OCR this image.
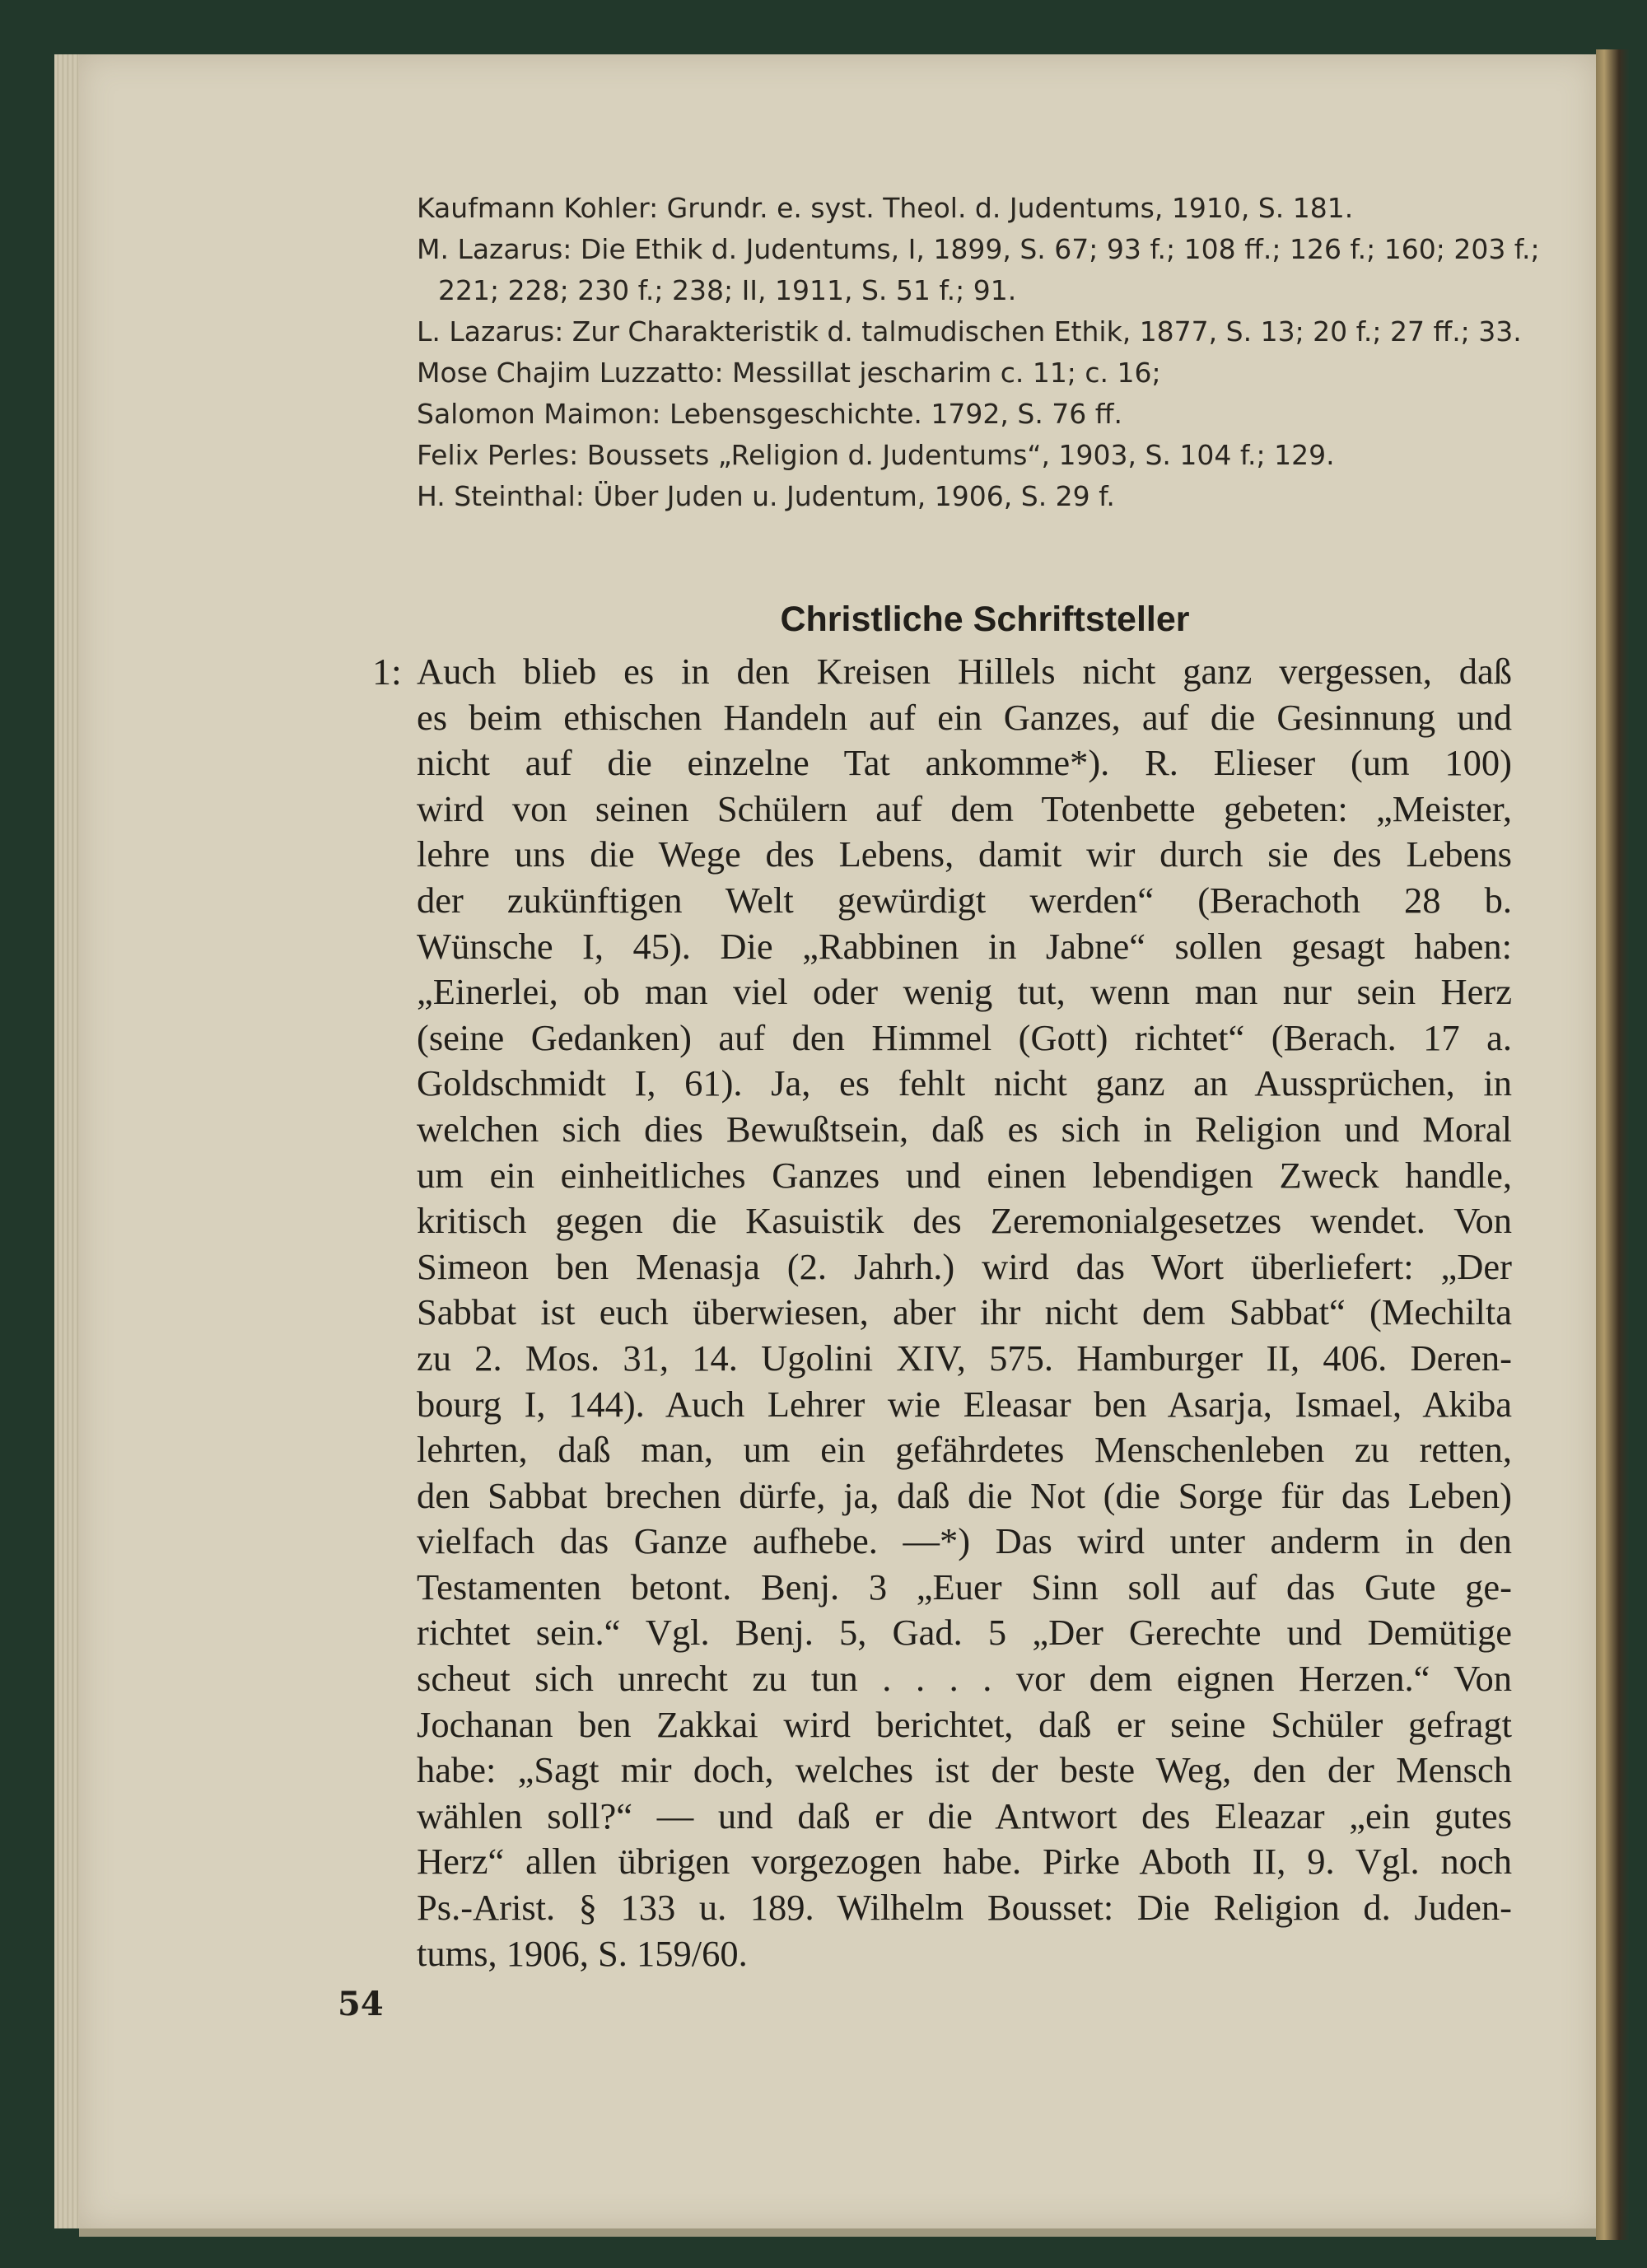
Kaufmann Kohler: Grundr. e. syst. Theol. d. Judentums, 1910, S. 181.

M. Lazarus: Die Ethik d. Judentums, I, 1899, S. 67; 93 f.; 108 ff.; 126 f.; 160; 203 f.; 221; 228; 230 f.; 238; II, 1911, S. 51 f.; 91.

L. Lazarus: Zur Charakteristik d. talmudischen Ethik, 1877, S. 13; 20 f.; 27 ff.; 33.

Mose Chajim Luzzatto: Messillat jescharim c. 11; c. 16;

Salomon Maimon: Lebensgeschichte. 1792, S. 76 ff.

Felix Perles: Boussets „Religion d. Judentums“, 1903, S. 104 f.; 129.

H. Steinthal: Über Juden u. Judentum, 1906, S. 29 f.

Christliche Schriftsteller
1: Auch blieb es in den Kreisen Hillels nicht ganz vergessen, daß
es beim ethischen Handeln auf ein Ganzes, auf die Gesinnung und
nicht auf die einzelne Tat ankomme*). R. Elieser (um 100)
wird von seinen Schülern auf dem Totenbette gebeten: „Meister,
lehre uns die Wege des Lebens, damit wir durch sie des Lebens
der zukünftigen Welt gewürdigt werden“ (Berachoth 28 b.
Wünsche I, 45). Die „Rabbinen in Jabne“ sollen gesagt haben:
„Einerlei, ob man viel oder wenig tut, wenn man nur sein Herz
(seine Gedanken) auf den Himmel (Gott) richtet“ (Berach. 17 a.
Goldschmidt I, 61). Ja, es fehlt nicht ganz an Aussprüchen, in
welchen sich dies Bewußtsein, daß es sich in Religion und Moral
um ein einheitliches Ganzes und einen lebendigen Zweck handle,
kritisch gegen die Kasuistik des Zeremonialgesetzes wendet. Von
Simeon ben Menasja (2. Jahrh.) wird das Wort überliefert: „Der
Sabbat ist euch überwiesen, aber ihr nicht dem Sabbat“ (Mechilta
zu 2. Mos. 31, 14. Ugolini XIV, 575. Hamburger II, 406. Deren-
bourg I, 144). Auch Lehrer wie Eleasar ben Asarja, Ismael, Akiba
lehrten, daß man, um ein gefährdetes Menschenleben zu retten,
den Sabbat brechen dürfe, ja, daß die Not (die Sorge für das Leben)
vielfach das Ganze aufhebe. —*) Das wird unter anderm in den
Testamenten betont. Benj. 3 „Euer Sinn soll auf das Gute ge-
richtet sein.“ Vgl. Benj. 5, Gad. 5 „Der Gerechte und Demütige
scheut sich unrecht zu tun . . . . vor dem eignen Herzen.“ Von
Jochanan ben Zakkai wird berichtet, daß er seine Schüler gefragt
habe: „Sagt mir doch, welches ist der beste Weg, den der Mensch
wählen soll?“ — und daß er die Antwort des Eleazar „ein gutes
Herz“ allen übrigen vorgezogen habe. Pirke Aboth II, 9. Vgl. noch
Ps.-Arist. § 133 u. 189. Wilhelm Bousset: Die Religion d. Juden-
tums, 1906, S. 159/60.
54
